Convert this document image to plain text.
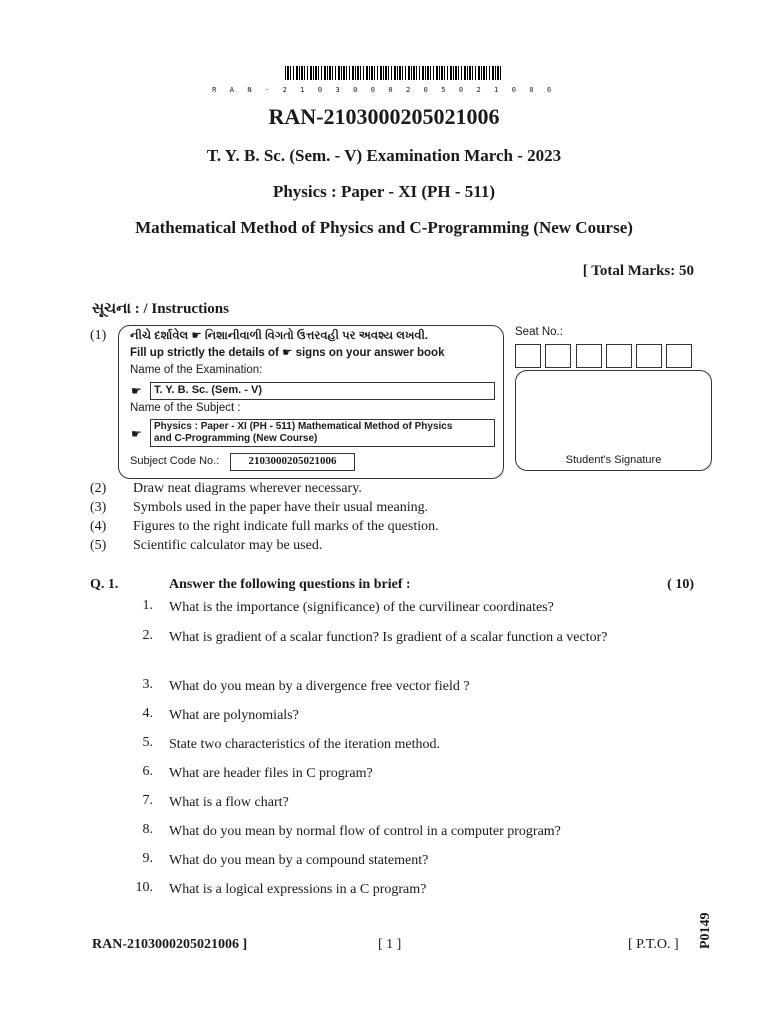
R A N - 2 1 0 3 0 0 0 2 0 5 0 2 1 0 0 6
RAN-2103000205021006
T. Y. B. Sc. (Sem. - V) Examination March - 2023
Physics : Paper - XI (PH - 511)
Mathematical Method of Physics and C-Programming (New Course)
[ Total Marks: 50
સૂચના : / Instructions
(1) નીચે દર્શાવેલ ☛ નિશાનીવાળી વિગતો ઉત્તરવહી પર અવશ્ય લખવી.
Fill up strictly the details of ☛ signs on your answer book
Name of the Examination:
☛	T. Y. B. Sc. (Sem. - V)
Name of the Subject :
☛
Physics : Paper - XI (PH - 511) Mathematical Method of Physics
and C-Programming (New Course)
Subject Code No.:	2103000205021006
Seat No.:
Student's Signature
(2) Draw neat diagrams wherever necessary.
(3) Symbols used in the paper have their usual meaning.
(4) Figures to the right indicate full marks of the question.
(5) Scientific calculator may be used.
Q. 1.	Answer the following questions in brief :	( 10)
1. What is the importance (significance) of the curvilinear coordinates?
2. What is gradient of a scalar function? Is gradient of a scalar function a vector?
3. What do you mean by a divergence free vector field ?
4. What are polynomials?
5. State two characteristics of the iteration method.
6. What are header files in C program?
7. What is a flow chart?
8. What do you mean by normal flow of control in a computer program?
9. What do you mean by a compound statement?
10. What is a logical expressions in a C program?
RAN-2103000205021006 ]	[ 1 ]	[ P.T.O. ] P0149
